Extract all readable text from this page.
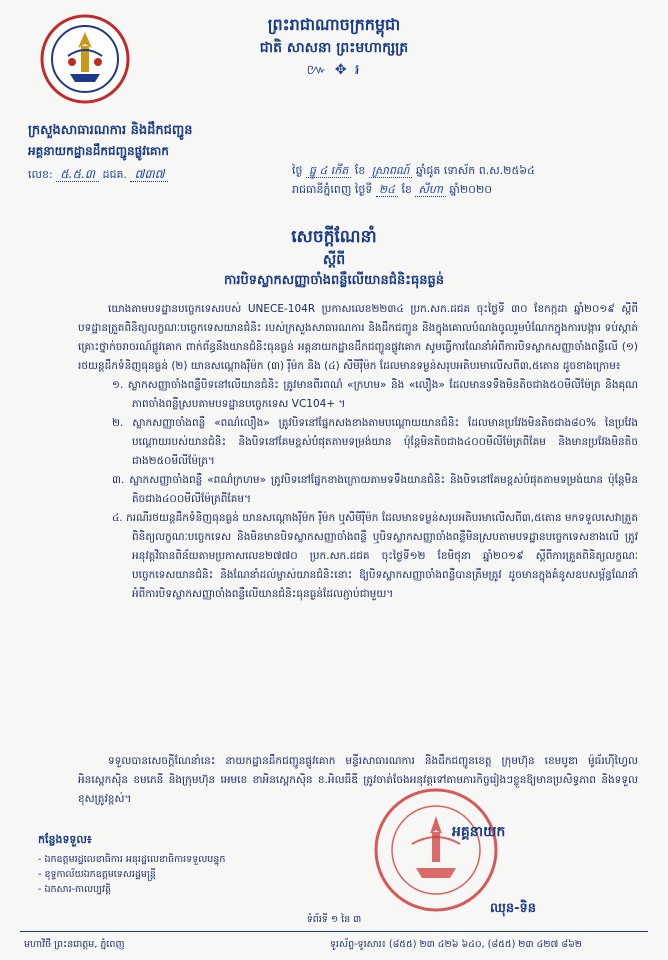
ព្រះរាជាណាចក្រកម្ពុជា
ជាតិ សាសនា ព្រះមហាក្សត្រ
៚ ✥ ៛
ក្រសួងសាធារណការ និងដឹកជញ្ជូន
អគ្គនាយកដ្ឋានដឹកជញ្ជូនផ្លូវគោក
លេខ: ៥.៥.៣ ដជគ. ៧៣៧	ថ្ងៃ ធ្នូ ៤ កើត ខែ ស្រាពណ៍ ឆ្នាំជូត ទោស័ក ព.ស.២៥៦៤
រាជធានីភ្នំពេញ ថ្ងៃទី ២៤ ខែ សីហា ឆ្នាំ២០២០
សេចក្តីណែនាំ
ស្តីពី
ការបិទស្លាកសញ្ញាចាំងពន្លឺលើយានជំនិះធុនធ្ងន់

យោងតាមបទដ្ឋានបច្ចេកទេសរបស់ UNECE-104R ប្រកាសលេខ២២៣៤ ប្រក.សក.ដជគ ចុះថ្ងៃទី ៣០ ខែកក្កដា ឆ្នាំ២០១៩ ស្តីពីបទដ្ឋានត្រួតពិនិត្យលក្ខណៈបច្ចេកទេសយានជំនិះ របស់ក្រសួងសាធារណការ និងដឹកជញ្ជូន និងក្នុងគោលបំណងចូលរួមបំណែកក្នុងការបង្ការ ទប់ស្កាត់គ្រោះថ្នាក់ចរាចរណ៍ផ្លូវគោក ពាក់ព័ន្ធនឹងយានជំនិះធុនធ្ងន់ អគ្គនាយកដ្ឋានដឹកជញ្ជូនផ្លូវគោក សូមធ្វើការណែនាំអំពីការបិទស្លាកសញ្ញាចាំងពន្លឺលើ (១) រថយន្តដឹកទំនិញធុនធ្ងន់ (២) យានសណ្តោងរ៉ឺម៉ក (៣) រ៉ឺម៉ក និង (៤) សីមីរ៉ឺម៉ក ដែលមានទម្ងន់សរុបអតិបរមាលើសពី៣,៥តោន ដូចខាងក្រោម៖

១. ស្លាកសញ្ញាចាំងពន្លឺបិទនៅលើយានជំនិះ ត្រូវមានពីរពណ៌ «ក្រហម» និង «លឿង» ដែលមានទទឹងមិនតិចជាង៥០មីលីម៉ែត្រ និងគុណភាពចាំងពន្លឺស្របតាមបទដ្ឋានបច្ចេកទេស VC104+ ។

២. ស្លាកសញ្ញាចាំងពន្លឺ «ពណ៌លឿង» ត្រូវបិទនៅផ្នែកសងខាងតាមបណ្តោយយានជំនិះ ដែលមានប្រវែងមិនតិចជាង៨០% នៃប្រវែងបណ្តោយរបស់យានជំនិះ និងបិទនៅគែមខ្ពស់បំផុតតាមទម្រង់យាន ប៉ុន្តែមិនតិចជាង៤០០មីលីម៉ែត្រពីគែម និងមានប្រវែងមិនតិចជាង២៥០មីលីម៉ែត្រ។

៣. ស្លាកសញ្ញាចាំងពន្លឺ «ពណ៌ក្រហម» ត្រូវបិទនៅផ្នែកខាងក្រោយតាមទទឹងយានជំនិះ និងបិទនៅគែមខ្ពស់បំផុតតាមទម្រង់យាន ប៉ុន្តែមិនតិចជាង៤០០មីលីម៉ែត្រពីគែម។

៤. ករណីរថយន្តដឹកទំនិញធុនធ្ងន់ យានសណ្តោងរ៉ឺម៉ក រ៉ឺម៉ក ឬសីមីរ៉ឺម៉ក ដែលមានទម្ងន់សរុបអតិបរមាលើសពី៣,៥តោន មកទទួលសេវាត្រួតពិនិត្យលក្ខណៈបច្ចេកទេស និងមិនមានបិទស្លាកសញ្ញាចាំងពន្លឺ ឬបិទស្លាកសញ្ញាចាំងពន្លឺមិនស្របតាមបទដ្ឋានបច្ចេកទេសខាងលើ ត្រូវអនុវត្តវិធានពិន័យតាមប្រកាសលេខ២៧៧០ ប្រក.សក.ដជគ ចុះថ្ងៃទី១២ ខែមិថុនា ឆ្នាំ២០១៩ ស្តីពីការត្រួតពិនិត្យលក្ខណៈបច្ចេកទេសយានជំនិះ និងណែនាំដល់ម្ចាស់យានជំនិះនោះ ឱ្យបិទស្លាកសញ្ញាចាំងពន្លឺបានត្រឹមត្រូវ ដូចមានក្នុងគំនូសឧបសម្ព័ន្ធណែនាំអំពីការបិទស្លាកសញ្ញាចាំងពន្លឺលើយានជំនិះធុនធ្ងន់ដែលភ្ជាប់ជាមួយ។

ទទួលបានសេចក្តីណែនាំនេះ នាយកដ្ឋានដឹកជញ្ជូនផ្លូវគោក មន្ទីរសាធារណការ និងដឹកជញ្ជូនខេត្ត ក្រុមហ៊ុន ខេមបូឌា ម៉ូធ័រហ៊ីហ្វៃល អិនស្ពេកស៊ិន ខមភេនី និងក្រុមហ៊ុន អេមខេ ខាអិនស្ពេកស៊ិន ខ.អិលធីឌី ត្រូវចាត់ចែងអនុវត្តទៅតាមភារកិច្ចរៀងៗខ្លួនឱ្យមានប្រសិទ្ធភាព និងទទួលខុសត្រូវខ្ពស់។
អគ្គនាយក
ឈុន-ទិន
កន្លែងទទួល៖
- ឯកឧត្តមរដ្ឋលេខាធិការ អនុរដ្ឋលេខាធិការទទួលបន្ទុក
- ខុទ្ទកាល័យឯកឧត្តមទេសរដ្ឋមន្ត្រី
- ឯកសារ-កាលប្បវត្តិ
ទំព័រទី ១ នៃ ៣
មហាវិថី ព្រះនរោត្តម, ភ្នំពេញ	ទូរស័ព្ទ-ទូរសារ៖ (៨៥៥) ២៣ ៤២៦ ៦៤០, (៨៥៥) ២៣ ៤២៧ ៨៦២
